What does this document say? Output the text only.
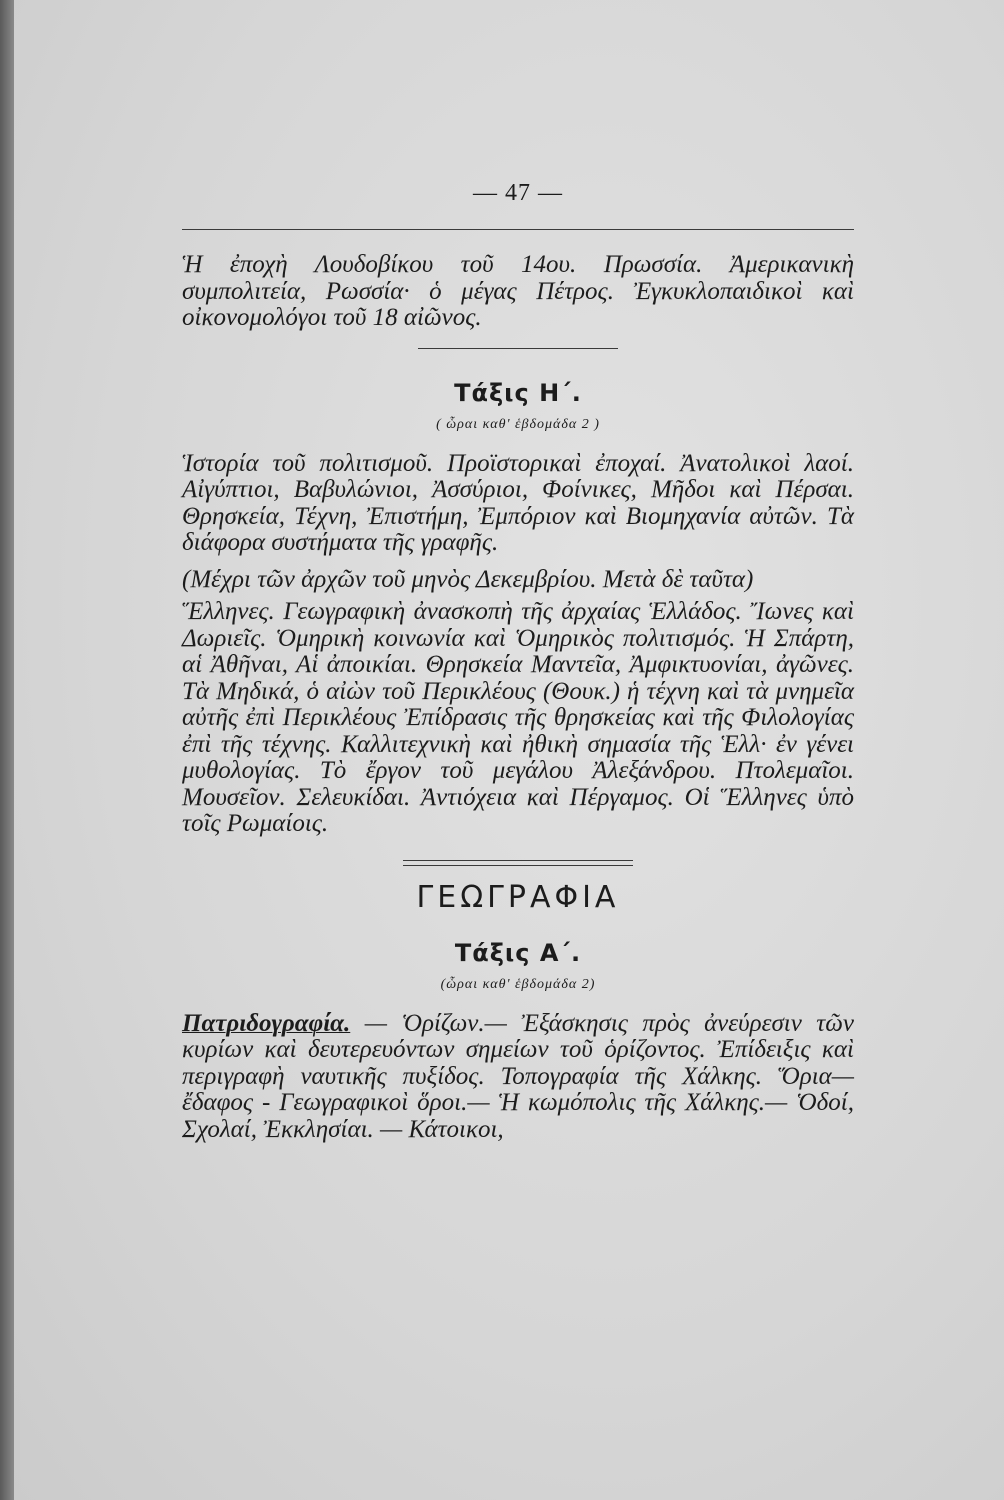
— 47 —

Ἡ ἐποχὴ Λουδοβίκου τοῦ 14ου. Πρωσσία. Ἀμερικανικὴ συμπολιτεία, Ρωσσία· ὁ μέγας Πέτρος. Ἐγκυκλοπαιδικοὶ καὶ οἰκονομολόγοι τοῦ 18 αἰῶνος.

Τάξις Η΄.
( ὧραι καθ' ἑβδομάδα 2 )

Ἱστορία τοῦ πολιτισμοῦ. Προϊστορικαὶ ἐποχαί. Ἀνατολικοὶ λαοί. Αἰγύπτιοι, Βαβυλώνιοι, Ἀσσύριοι, Φοίνικες, Μῆδοι καὶ Πέρσαι. Θρησκεία, Τέχνη, Ἐπιστήμη, Ἐμπόριον καὶ Βιομηχανία αὐτῶν. Τὰ διάφορα συστήματα τῆς γραφῆς.

(Μέχρι τῶν ἀρχῶν τοῦ μηνὸς Δεκεμβρίου. Μετὰ δὲ ταῦτα)

Ἕλληνες. Γεωγραφικὴ ἀνασκοπὴ τῆς ἀρχαίας Ἑλλάδος. Ἴωνες καὶ Δωριεῖς. Ὁμηρικὴ κοινωνία καὶ Ὁμηρικὸς πολιτισμός. Ἡ Σπάρτη, αἱ Ἀθῆναι, Αἱ ἀποικίαι. Θρησκεία Μαντεῖα, Ἀμφικτυονίαι, ἀγῶνες. Τὰ Μηδικά, ὁ αἰὼν τοῦ Περικλέους (Θουκ.) ἡ τέχνη καὶ τὰ μνημεῖα αὐτῆς ἐπὶ Περικλέους Ἐπίδρασις τῆς θρησκείας καὶ τῆς Φιλολογίας ἐπὶ τῆς τέχνης. Καλλιτεχνικὴ καὶ ἠθικὴ σημασία τῆς Ἑλλ· ἐν γένει μυθολογίας. Τὸ ἔργον τοῦ μεγάλου Ἀλεξάνδρου. Πτολεμαῖοι. Μουσεῖον. Σελευκίδαι. Ἀντιόχεια καὶ Πέργαμος. Οἱ Ἕλληνες ὑπὸ τοῖς Ρωμαίοις.

ΓΕΩΓΡΑΦΙΑ
Τάξις Α΄.
(ὧραι καθ' ἑβδομάδα 2)

Πατριδογραφία. — Ὁρίζων.— Ἐξάσκησις πρὸς ἀνεύρεσιν τῶν κυρίων καὶ δευτερευόντων σημείων τοῦ ὁρίζοντος. Ἐπίδειξις καὶ περιγραφὴ ναυτικῆς πυξίδος. Τοπογραφία τῆς Χάλκης. Ὅρια—ἔδαφος - Γεωγραφικοὶ ὅροι.— Ἡ κωμόπολις τῆς Χάλκης.— Ὁδοί, Σχολαί, Ἐκκλησίαι. — Κάτοικοι,
